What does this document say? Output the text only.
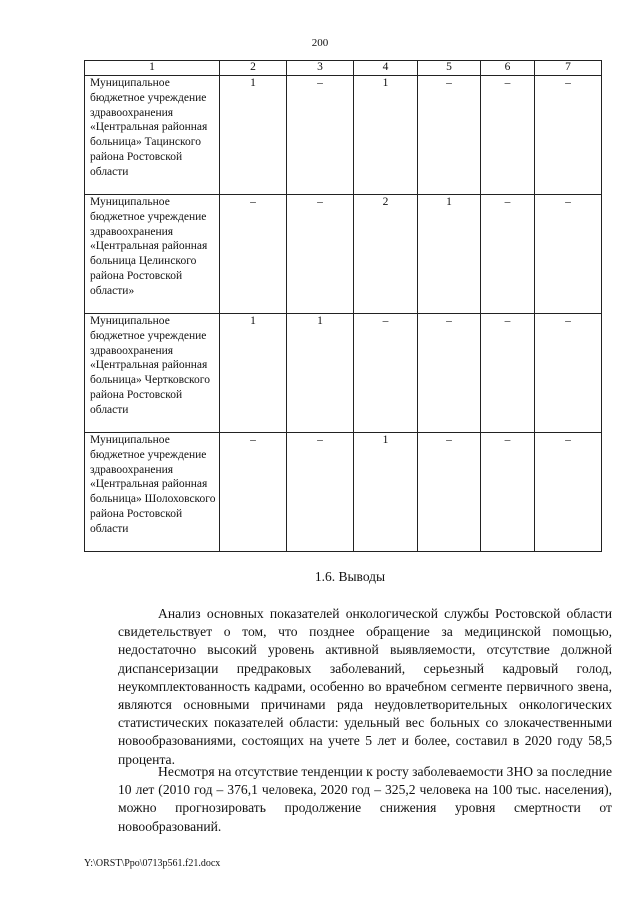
200
1	2	3	4	5	6	7
Муниципальное бюджетное учреждение здравоохранения «Центральная районная больница» Тацинского района Ростовской области	1	–	1	–	–	–
Муниципальное бюджетное учреждение здравоохранения «Центральная районная больница Целинского района Ростовской области»	–	–	2	1	–	–
Муниципальное бюджетное учреждение здравоохранения «Центральная районная больница» Чертковского района Ростовской области	1	1	–	–	–	–
Муниципальное бюджетное учреждение здравоохранения «Центральная районная больница» Шолоховского района Ростовской области	–	–	1	–	–	–
1.6. Выводы

Анализ основных показателей онкологической службы Ростовской области свидетельствует о том, что позднее обращение за медицинской помощью, недостаточно высокий уровень активной выявляемости, отсутствие должной диспансеризации предраковых заболеваний, серьезный кадровый голод, неукомплектованность кадрами, особенно во врачебном сегменте первичного звена, являются основными причинами ряда неудовлетворительных онкологических статистических показателей области: удельный вес больных со злокачественными новообразованиями, состоящих на учете 5 лет и более, составил в 2020 году 58,5 процента.

Несмотря на отсутствие тенденции к росту заболеваемости ЗНО за последние 10 лет (2010 год – 376,1 человека, 2020 год – 325,2 человека на 100 тыс. населения), можно прогнозировать продолжение снижения уровня смертности от новообразований.

Y:\ORST\Ppo\0713p561.f21.docx
